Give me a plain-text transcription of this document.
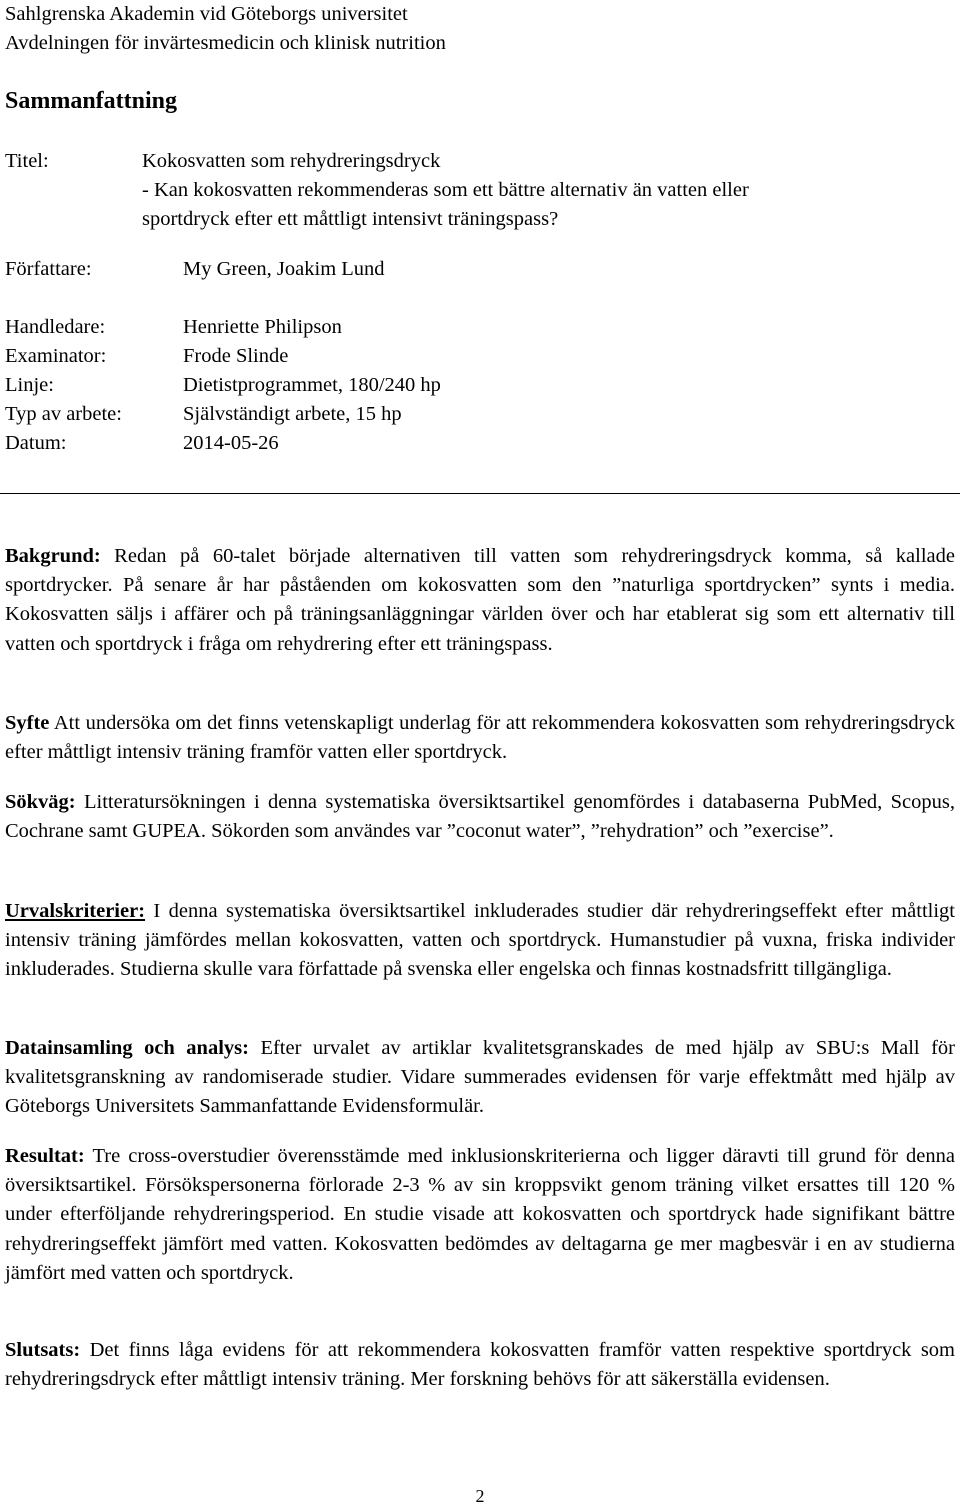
Sahlgrenska Akademin vid Göteborgs universitet
Avdelningen för invärtesmedicin och klinisk nutrition
Sammanfattning
Titel:	Kokosvatten som rehydreringsdryck
- Kan kokosvatten rekommenderas som ett bättre alternativ än vatten eller
sportdryck efter ett måttligt intensivt träningspass?
Författare:	My Green, Joakim Lund
Handledare:	Henriette Philipson
Examinator:	Frode Slinde
Linje:	Dietistprogrammet, 180/240 hp
Typ av arbete:	Självständigt arbete, 15 hp
Datum:	2014-05-26

Bakgrund: Redan på 60-talet började alternativen till vatten som rehydreringsdryck komma, så kallade sportdrycker. På senare år har påståenden om kokosvatten som den ”naturliga sportdrycken” synts i media. Kokosvatten säljs i affärer och på träningsanläggningar världen över och har etablerat sig som ett alternativ till vatten och sportdryck i fråga om rehydrering efter ett träningspass.

Syfte Att undersöka om det finns vetenskapligt underlag för att rekommendera kokosvatten som rehydreringsdryck efter måttligt intensiv träning framför vatten eller sportdryck.

Sökväg: Litteratursökningen i denna systematiska översiktsartikel genomfördes i databaserna PubMed, Scopus, Cochrane samt GUPEA. Sökorden som användes var ”coconut water”, ”rehydration” och ”exercise”.

Urvalskriterier: I denna systematiska översiktsartikel inkluderades studier där rehydreringseffekt efter måttligt intensiv träning jämfördes mellan kokosvatten, vatten och sportdryck. Humanstudier på vuxna, friska individer inkluderades. Studierna skulle vara författade på svenska eller engelska och finnas kostnadsfritt tillgängliga.

Datainsamling och analys: Efter urvalet av artiklar kvalitetsgranskades de med hjälp av SBU:s Mall för kvalitetsgranskning av randomiserade studier. Vidare summerades evidensen för varje effektmått med hjälp av Göteborgs Universitets Sammanfattande Evidensformulär.

Resultat: Tre cross-overstudier överensstämde med inklusionskriterierna och ligger däravti till grund för denna översiktsartikel. Försökspersonerna förlorade 2-3 % av sin kroppsvikt genom träning vilket ersattes till 120 % under efterföljande rehydreringsperiod. En studie visade att kokosvatten och sportdryck hade signifikant bättre rehydreringseffekt jämfört med vatten. Kokosvatten bedömdes av deltagarna ge mer magbesvär i en av studierna jämfört med vatten och sportdryck.

Slutsats: Det finns låga evidens för att rekommendera kokosvatten framför vatten respektive sportdryck som rehydreringsdryck efter måttligt intensiv träning. Mer forskning behövs för att säkerställa evidensen.

2
